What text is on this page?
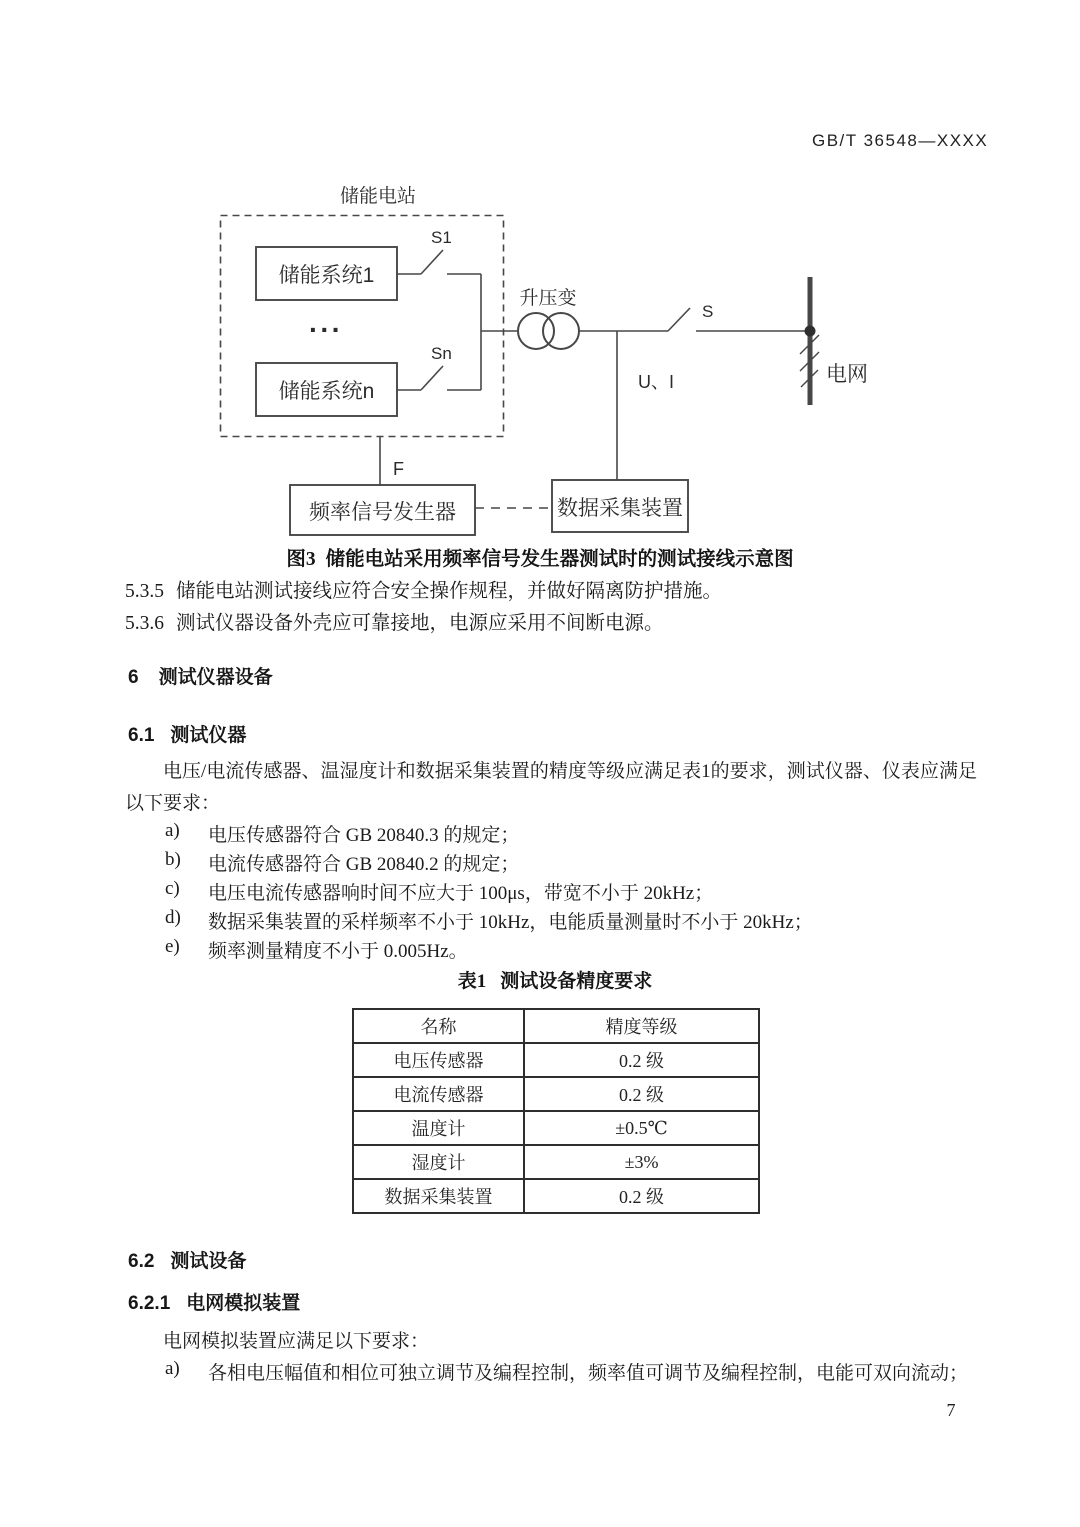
GB/T 36548—XXXX
储能电站
储能系统1
···
储能系统n
S1
Sn
升压变
S
U、I	电网
F
频率信号发生器	数据采集装置
图3 储能电站采用频率信号发生器测试时的测试接线示意图
5.3.5 储能电站测试接线应符合安全操作规程，并做好隔离防护措施。
5.3.6 测试仪器设备外壳应可靠接地，电源应采用不间断电源。
6 测试仪器设备
6.1 测试仪器
电压/电流传感器、温湿度计和数据采集装置的精度等级应满足表1的要求，测试仪器、仪表应满足以下要求：
a)	电压传感器符合 GB 20840.3 的规定；
b)	电流传感器符合 GB 20840.2 的规定；
c)	电压电流传感器响时间不应大于 100μs，带宽不小于 20kHz；
d)	数据采集装置的采样频率不小于 10kHz，电能质量测量时不小于 20kHz；
e)	频率测量精度不小于 0.005Hz。
表1 测试设备精度要求
名称	精度等级
电压传感器	0.2 级
电流传感器	0.2 级
温度计	±0.5℃
湿度计	±3%
数据采集装置	0.2 级
6.2 测试设备
6.2.1 电网模拟装置
电网模拟装置应满足以下要求：
a)	各相电压幅值和相位可独立调节及编程控制，频率值可调节及编程控制，电能可双向流动；
7
